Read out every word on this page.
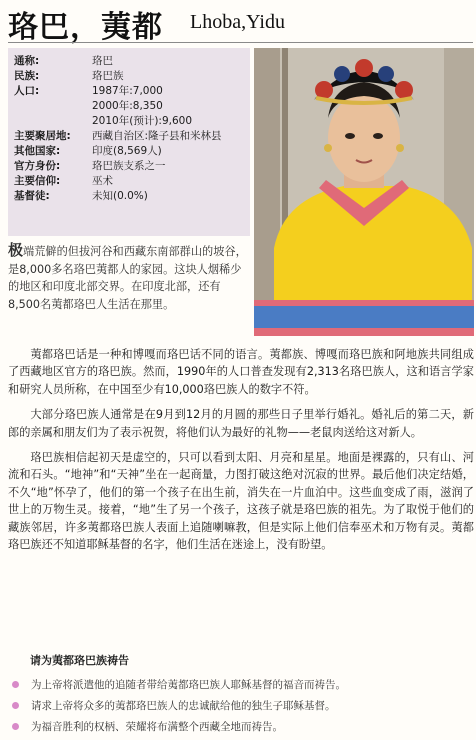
珞巴，荑都 Lhoba,Yidu
通称:	珞巴
民族:	珞巴族
人口:	1987年:7,000
2000年:8,350
2010年(预计):9,600
主要聚居地:	西藏自治区:隆子县和米林县
其他国家:	印度(8,569人)
官方身份:	珞巴族支系之一
主要信仰:	巫术
基督徒:	未知(0.0%)
极端荒僻的但拔河谷和西藏东南部群山的坡谷，是8,000多名珞巴荑都人的家园。这块人烟稀少的地区和印度北部交界。在印度北部，还有8,500名荑都珞巴人生活在那里。

荑都珞巴话是一种和博嘎而珞巴话不同的语言。荑都族、博嘎而珞巴族和阿地族共同组成了西藏地区官方的珞巴族。然而，1990年的人口普查发现有2,313名珞巴族人，这和语言学家和研究人员所称，在中国至少有10,000珞巴族人的数字不符。

大部分珞巴族人通常是在9月到12月的月圆的那些日子里举行婚礼。婚礼后的第二天，新郎的亲属和朋友们为了表示祝贺，将他们认为最好的礼物——老鼠肉送给这对新人。

珞巴族相信起初天是虚空的，只可以看到太阳、月亮和星星。地面是裸露的，只有山、河流和石头。“地神”和“天神”坐在一起商量，力图打破这绝对沉寂的世界。最后他们决定结婚，不久“地”怀孕了，他们的第一个孩子在出生前，消失在一片血泊中。这些血变成了雨，滋润了世上的万物生灵。接着，“地”生了另一个孩子，这孩子就是珞巴族的祖先。为了取悦于他们的藏族邻居，许多荑都珞巴族人表面上追随喇嘛教，但是实际上他们信奉巫术和万物有灵。荑都珞巴族还不知道耶稣基督的名字，他们生活在迷途上，没有盼望。

请为荑都珞巴族祷告
为上帝将派遣他的追随者带给荑都珞巴族人耶稣基督的福音而祷告。
请求上帝将众多的荑都珞巴族人的忠诚献给他的独生子耶稣基督。
为福音胜利的权柄、荣耀将布满整个西藏全地而祷告。
